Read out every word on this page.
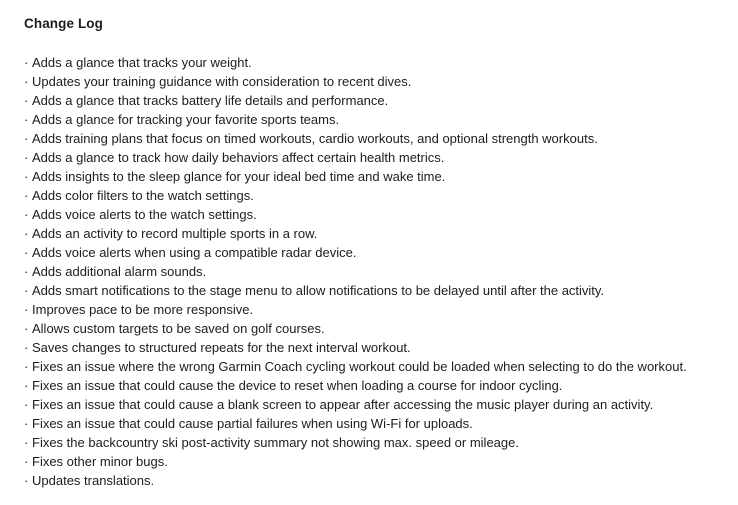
Change Log
· Adds a glance that tracks your weight.
· Updates your training guidance with consideration to recent dives.
· Adds a glance that tracks battery life details and performance.
· Adds a glance for tracking your favorite sports teams.
· Adds training plans that focus on timed workouts, cardio workouts, and optional strength workouts.
· Adds a glance to track how daily behaviors affect certain health metrics.
· Adds insights to the sleep glance for your ideal bed time and wake time.
· Adds color filters to the watch settings.
· Adds voice alerts to the watch settings.
· Adds an activity to record multiple sports in a row.
· Adds voice alerts when using a compatible radar device.
· Adds additional alarm sounds.
· Adds smart notifications to the stage menu to allow notifications to be delayed until after the activity.
· Improves pace to be more responsive.
· Allows custom targets to be saved on golf courses.
· Saves changes to structured repeats for the next interval workout.
· Fixes an issue where the wrong Garmin Coach cycling workout could be loaded when selecting to do the workout.
· Fixes an issue that could cause the device to reset when loading a course for indoor cycling.
· Fixes an issue that could cause a blank screen to appear after accessing the music player during an activity.
· Fixes an issue that could cause partial failures when using Wi-Fi for uploads.
· Fixes the backcountry ski post-activity summary not showing max. speed or mileage.
· Fixes other minor bugs.
· Updates translations.
